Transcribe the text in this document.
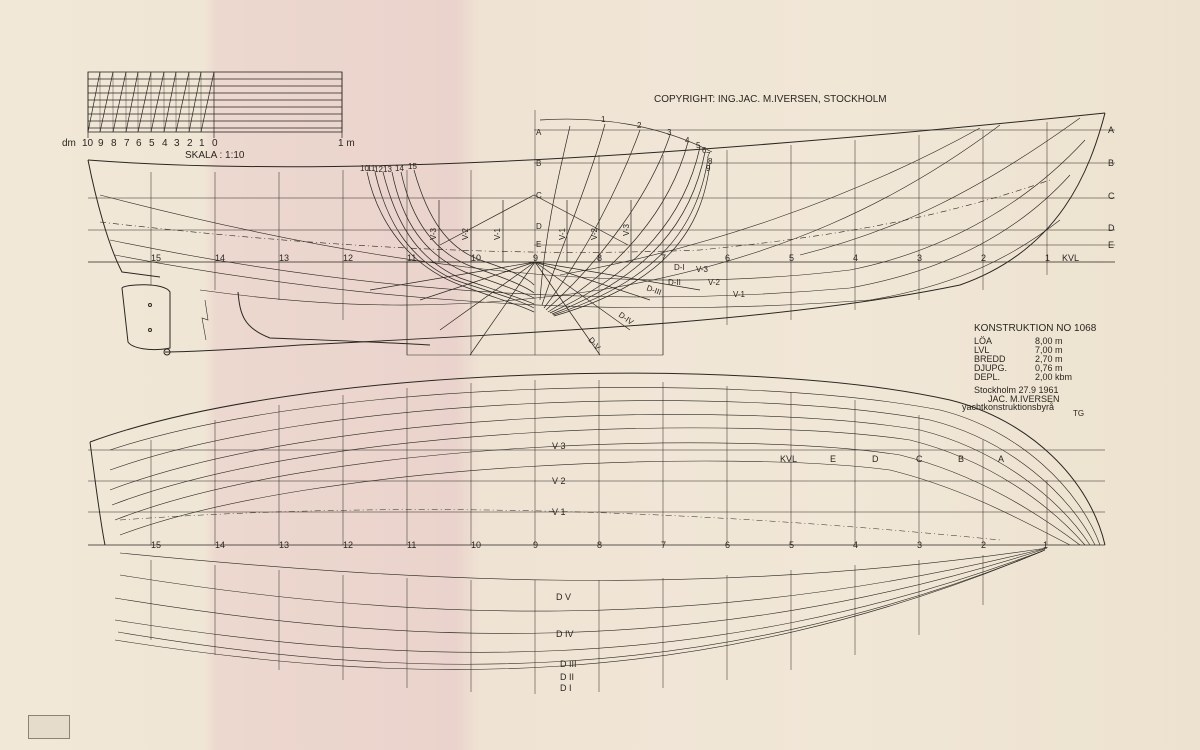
COPYRIGHT: ING.JAC. M.IVERSEN, STOCKHOLM
dm 10 9 8 7 6 5 4 3 2 1 0	1 m
SKALA : 1:10
15	14	13	12	11	10	9	8	7	6	5	4	3	2	1 KVL
A
B
C
D
E
10
11
12 13 14 15
1
2
3
4
5
6
7
8
9
A
B
C
D
E
V-3	V-2	V-1	V-1	V-2	V-3
D-I
D-II
D-III
D-IV
D-V
V-3
V-2
V-1
V 3
V 2
V 1
KVL	E	D	C	B	A
15	14	13	12	11	10	9	8	7	6	5	4	3	2	1
D V
D IV
D III
D II
D I
KONSTRUKTION NO 1068
LÖA	8,00 m
LVL	7,00 m
BREDD	2,70 m
DJUPG.	0,76 m
DEPL.	2,00 kbm
Stockholm 27.9 1961
JAC. M.IVERSEN
yachtkonstruktionsbyrå
TG
